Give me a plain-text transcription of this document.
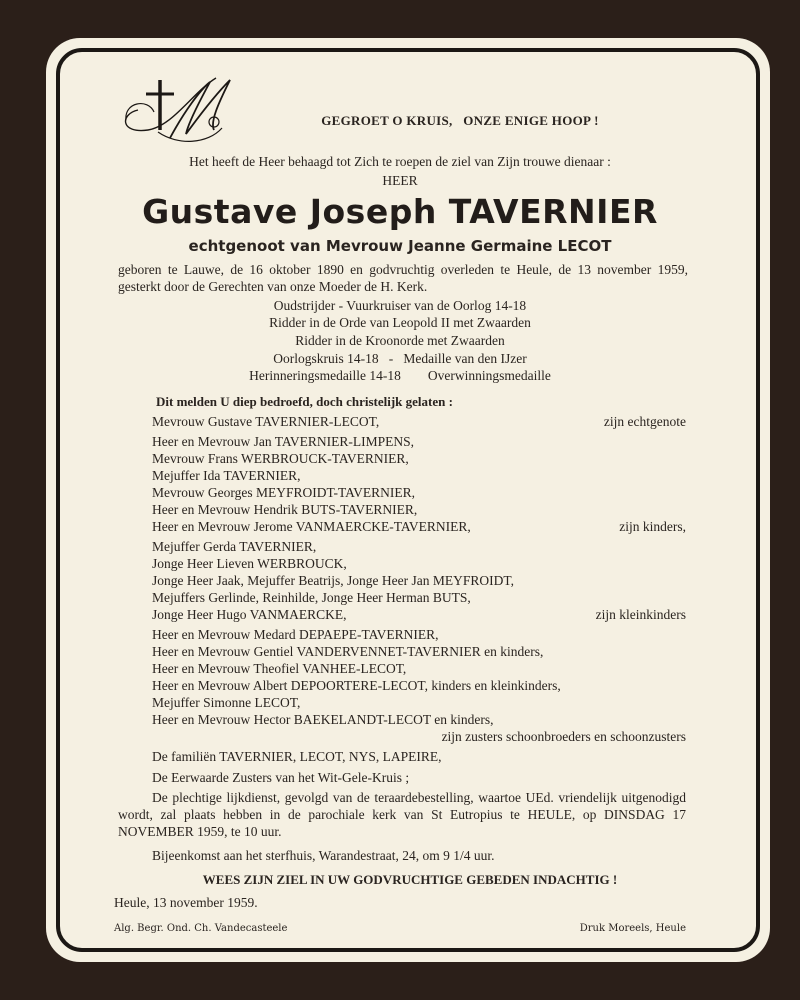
GEGROET O KRUIS,   ONZE ENIGE HOOP !
Het heeft de Heer behaagd tot Zich te roepen de ziel van Zijn trouwe dienaar :
HEER
Gustave Joseph TAVERNIER
echtgenoot van Mevrouw Jeanne Germaine LECOT
geboren te Lauwe, de 16 oktober 1890 en godvruchtig overleden te Heule, de 13 november 1959, gesterkt door de Gerechten van onze Moeder de H. Kerk.
Oudstrijder - Vuurkruiser van de Oorlog 14-18
Ridder in de Orde van Leopold II met Zwaarden
Ridder in de Kroonorde met Zwaarden
Oorlogskruis 14-18   -   Medaille van den IJzer
Herinneringsmedaille 14-18        Overwinningsmedaille
Dit melden U diep bedroefd, doch christelijk gelaten :
Mevrouw Gustave TAVERNIER-LECOT,	zijn echtgenote
Heer en Mevrouw Jan TAVERNIER-LIMPENS,
Mevrouw Frans WERBROUCK-TAVERNIER,
Mejuffer Ida TAVERNIER,
Mevrouw Georges MEYFROIDT-TAVERNIER,
Heer en Mevrouw Hendrik BUTS-TAVERNIER,
Heer en Mevrouw Jerome VANMAERCKE-TAVERNIER,	zijn kinders,
Mejuffer Gerda TAVERNIER,
Jonge Heer Lieven WERBROUCK,
Jonge Heer Jaak, Mejuffer Beatrijs, Jonge Heer Jan MEYFROIDT,
Mejuffers Gerlinde, Reinhilde, Jonge Heer Herman BUTS,
Jonge Heer Hugo VANMAERCKE,	zijn kleinkinders
Heer en Mevrouw Medard DEPAEPE-TAVERNIER,
Heer en Mevrouw Gentiel VANDERVENNET-TAVERNIER en kinders,
Heer en Mevrouw Theofiel VANHEE-LECOT,
Heer en Mevrouw Albert DEPOORTERE-LECOT, kinders en kleinkinders,
Mejuffer Simonne LECOT,
Heer en Mevrouw Hector BAEKELANDT-LECOT en kinders,
zijn zusters schoonbroeders en schoonzusters
De familiën TAVERNIER, LECOT, NYS, LAPEIRE,
De Eerwaarde Zusters van het Wit-Gele-Kruis ;
De plechtige lijkdienst, gevolgd van de teraardebestelling, waartoe UEd. vriendelijk uitgenodigd wordt, zal plaats hebben in de parochiale kerk van St Eutropius te HEULE, op DINSDAG 17 NOVEMBER 1959, te 10 uur.
Bijeenkomst aan het sterfhuis, Warandestraat, 24, om 9 1/4 uur.
WEES ZIJN ZIEL IN UW GODVRUCHTIGE GEBEDEN INDACHTIG !
Heule, 13 november 1959.
Alg. Begr. Ond. Ch. Vandecasteele	Druk Moreels, Heule
